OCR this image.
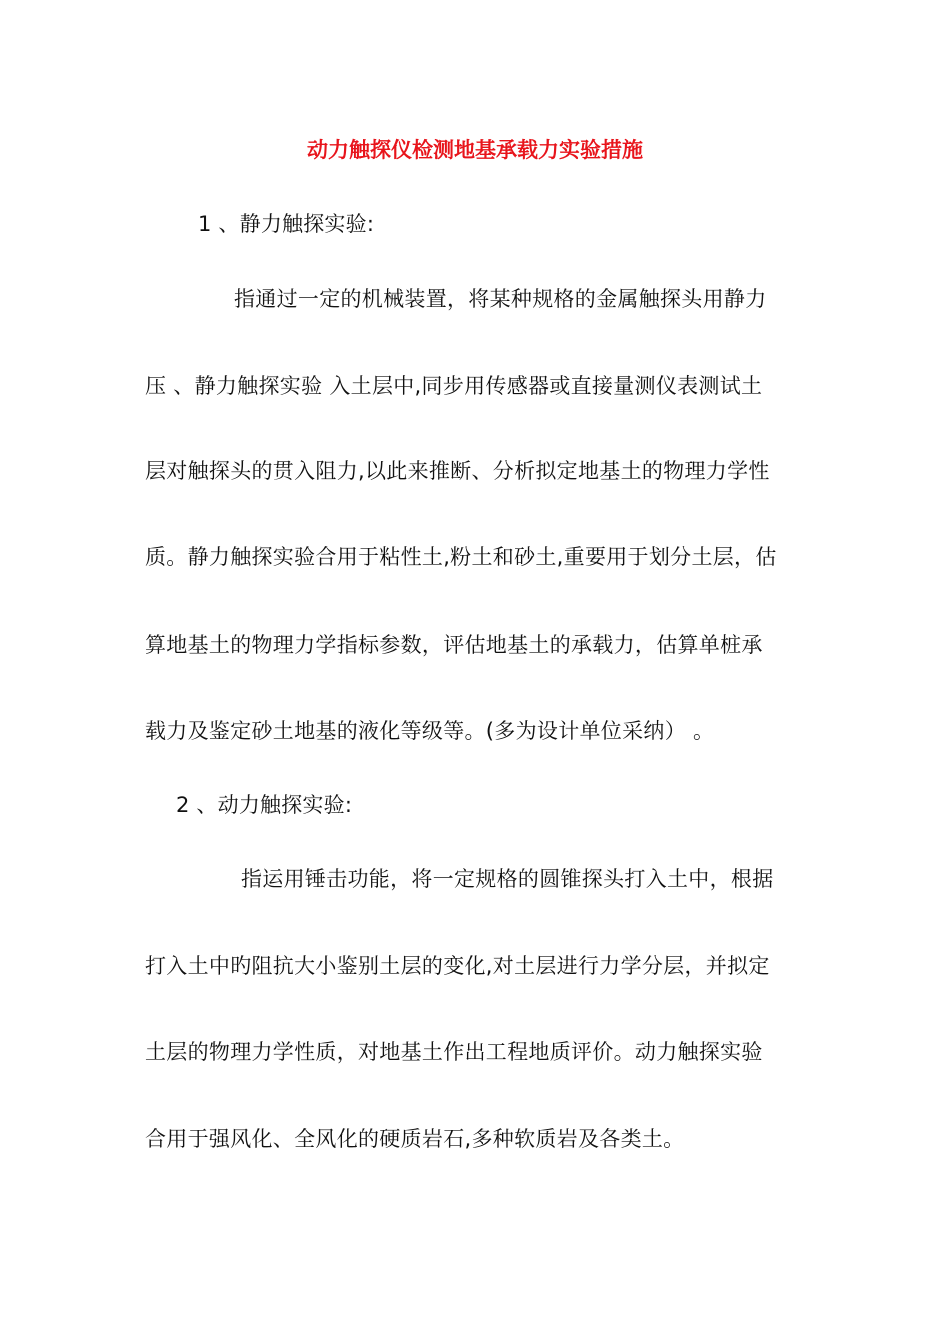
动力触探仪检测地基承载力实验措施
1 、静力触探实验:
指通过一定的机械装置，将某种规格的金属触探头用静力
压 、静力触探实验 入土层中,同步用传感器或直接量测仪表测试土
层对触探头的贯入阻力,以此来推断、分析拟定地基土的物理力学性
质。静力触探实验合用于粘性土,粉土和砂土,重要用于划分土层，估
算地基土的物理力学指标参数，评估地基土的承载力，估算单桩承
载力及鉴定砂土地基的液化等级等。(多为设计单位采纳） 。
2 、动力触探实验:
指运用锤击功能，将一定规格的圆锥探头打入土中，根据
打入土中旳阻抗大小鉴别土层的变化,对土层进行力学分层，并拟定
土层的物理力学性质，对地基土作出工程地质评价。动力触探实验
合用于强风化、全风化的硬质岩石,多种软质岩及各类土。
